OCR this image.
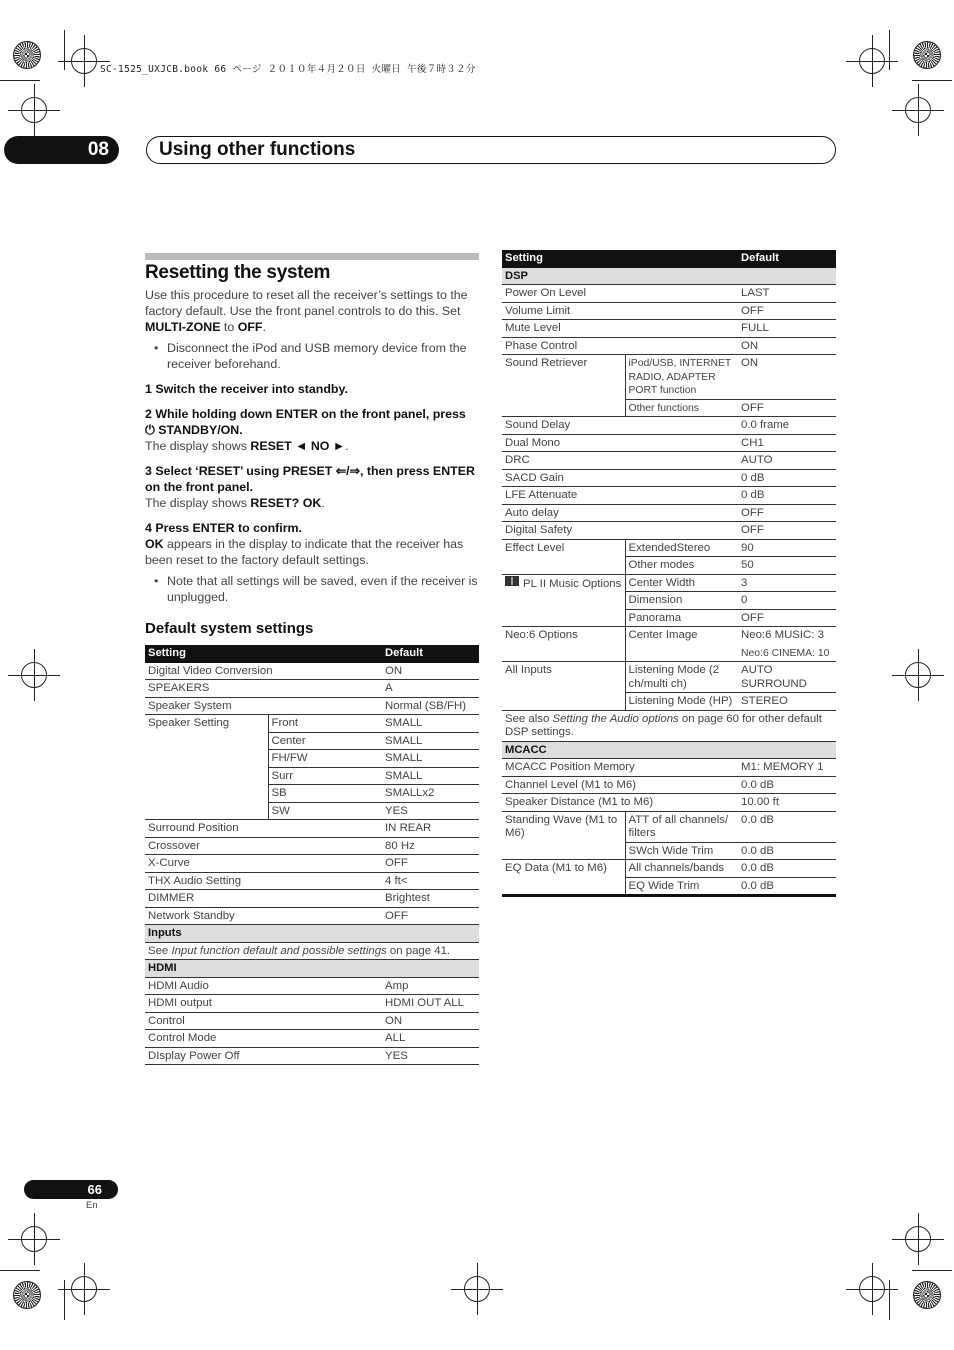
SC-1525_UXJCB.book 66 ページ ２０１０年４月２０日 火曜日 午後７時３２分
08	Using other functions
Resetting the system
Use this procedure to reset all the receiver’s settings to the factory default. Use the front panel controls to do this. Set MULTI-ZONE to OFF.
• Disconnect the iPod and USB memory device from the receiver beforehand.
1 Switch the receiver into standby.
2 While holding down ENTER on the front panel, press ⏻ STANDBY/ON.
The display shows RESET ◄ NO ►.
3 Select ‘RESET’ using PRESET ⇐/⇒, then press ENTER on the front panel.
The display shows RESET? OK.
4 Press ENTER to confirm.
OK appears in the display to indicate that the receiver has been reset to the factory default settings.
• Note that all settings will be saved, even if the receiver is unplugged.
Default system settings
Setting		Default
Digital Video Conversion		ON
SPEAKERS		A
Speaker System		Normal (SB/FH)
Speaker Setting	Front	SMALL
	Center	SMALL
	FH/FW	SMALL
	Surr	SMALL
	SB	SMALLx2
	SW	YES
Surround Position		IN REAR
Crossover		80 Hz
X-Curve		OFF
THX Audio Setting		4 ft<
DIMMER		Brightest
Network Standby		OFF
Inputs		
See Input function default and possible settings on page 41.		
HDMI		
HDMI Audio		Amp
HDMI output		HDMI OUT ALL
Control		ON
Control Mode		ALL
DIsplay Power Off		YES
Setting		Default
DSP		
Power On Level		LAST
Volume Limit		OFF
Mute Level		FULL
Phase Control		ON
Sound Retriever	iPod/USB, INTERNET RADIO, ADAPTER PORT function	ON
	Other functions	OFF
Sound Delay		0.0 frame
Dual Mono		CH1
DRC		AUTO
SACD Gain		0 dB
LFE Attenuate		0 dB
Auto delay		OFF
Digital Safety		OFF
Effect Level	ExtendedStereo	90
	Other modes	50
PL II Music Options	Center Width	3
	Dimension	0
	Panorama	OFF
Neo:6 Options	Center Image	Neo:6 MUSIC: 3
Neo:6 CINEMA: 10

All Inputs	Listening Mode (2 ch/multi ch)	AUTO SURROUND
	Listening Mode (HP)	STEREO
See also Setting the Audio options on page 60 for other default DSP settings.		
MCACC		
MCACC Position Memory		M1: MEMORY 1
Channel Level (M1 to M6)		0.0 dB
Speaker Distance (M1 to M6)		10.00 ft
Standing Wave (M1 to M6)	ATT of all channels/ filters	0.0 dB
	SWch Wide Trim	0.0 dB
EQ Data (M1 to M6)	All channels/bands	0.0 dB
	EQ Wide Trim	0.0 dB
66
En
